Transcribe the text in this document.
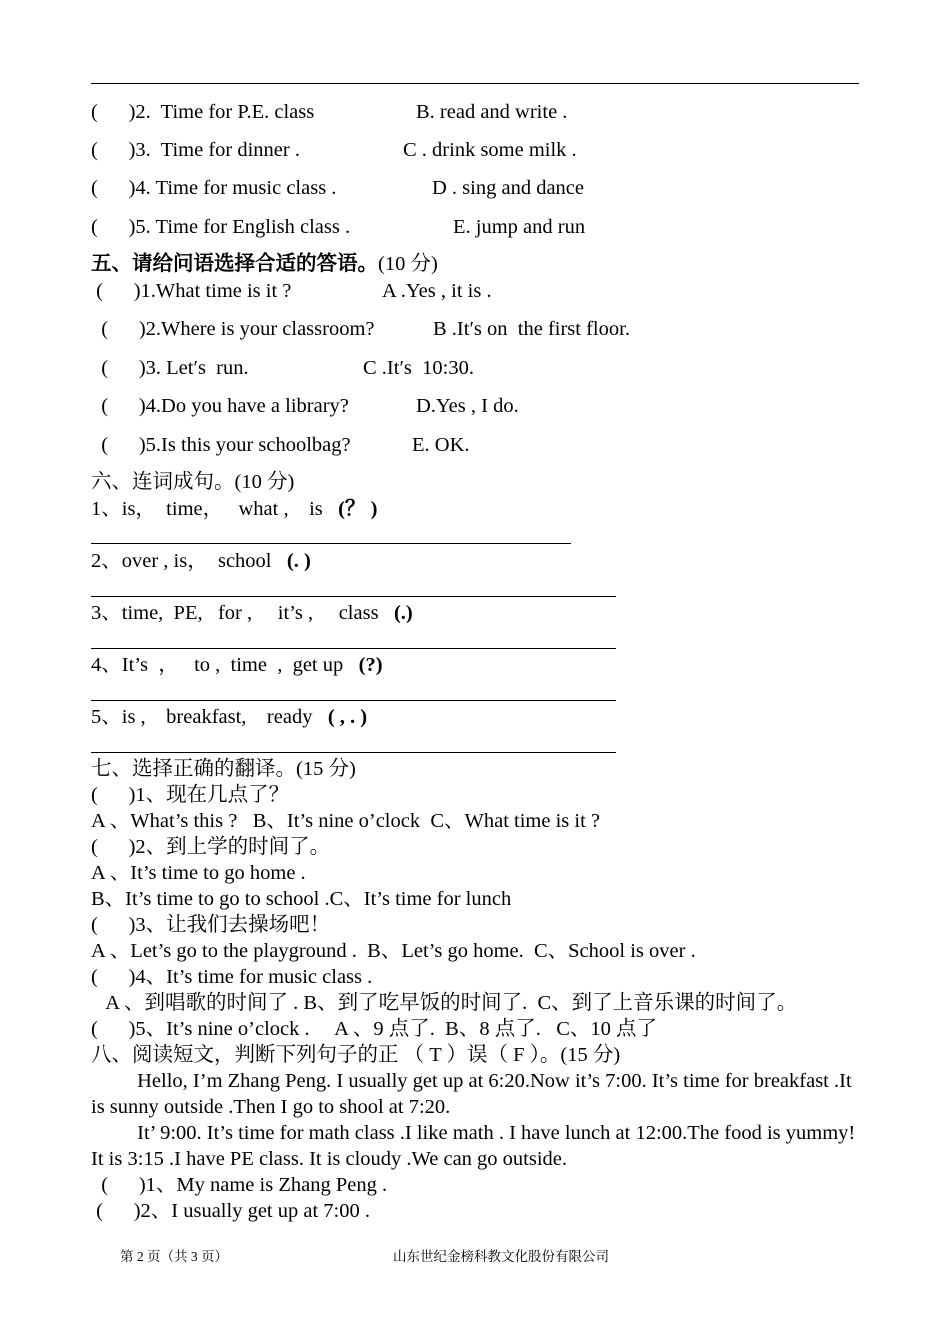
(      )2.  Time for P.E. class	B. read and write .
(      )3.  Time for dinner .	C . drink some milk .
(      )4. Time for music class .	D . sing and dance
(      )5. Time for English class .	E. jump and run
五、请给问语选择合适的答语。(10 分)
(      )1.What time is it ?	A .Yes , it is .
(      )2.Where is your classroom?	B .It′s on  the first floor.
(      )3. Let′s  run.	C .It′s  10:30.
(      )4.Do you have a library?	D.Yes , I do.
(      )5.Is this your schoolbag?	E. OK.
六、连词成句。(10 分)
1、is，  time，   what ,    is   (？ )
2、over , is，  school   (. )
3、time,  PE,   for ,     it’s ,     class   (.)
4、It’s  ，   to ,  time  ,  get up   (?)
5、is ,    breakfast,    ready   ( , . )
七、选择正确的翻译。(15 分)
(      )1、现在几点了？
A 、What’s this ?   B、It’s nine o’clock  C、What time is it ?
(      )2、到上学的时间了。
A 、It’s time to go home .
B、It’s time to go to school .C、It’s time for lunch
(      )3、让我们去操场吧！
A 、Let’s go to the playground .  B、Let’s go home.  C、School is over .
(      )4、It’s time for music class .
A 、到唱歌的时间了 . B、到了吃早饭的时间了.  C、到了上音乐课的时间了。
(      )5、It’s nine o’clock .     A 、9 点了.  B、8 点了.   C、10 点了
八、阅读短文，判断下列句子的正 （ T ）误（ F ）。(15 分)
Hello, I’m Zhang Peng. I usually get up at 6:20.Now it’s 7:00. It’s time for breakfast .It
is sunny outside .Then I go to shool at 7:20.
It’ 9:00. It’s time for math class .I like math . I have lunch at 12:00.The food is yummy!
It is 3:15 .I have PE class. It is cloudy .We can go outside.
(      )1、My name is Zhang Peng .
(      )2、I usually get up at 7:00 .
第 2 页（共 3 页）	山东世纪金榜科教文化股份有限公司
